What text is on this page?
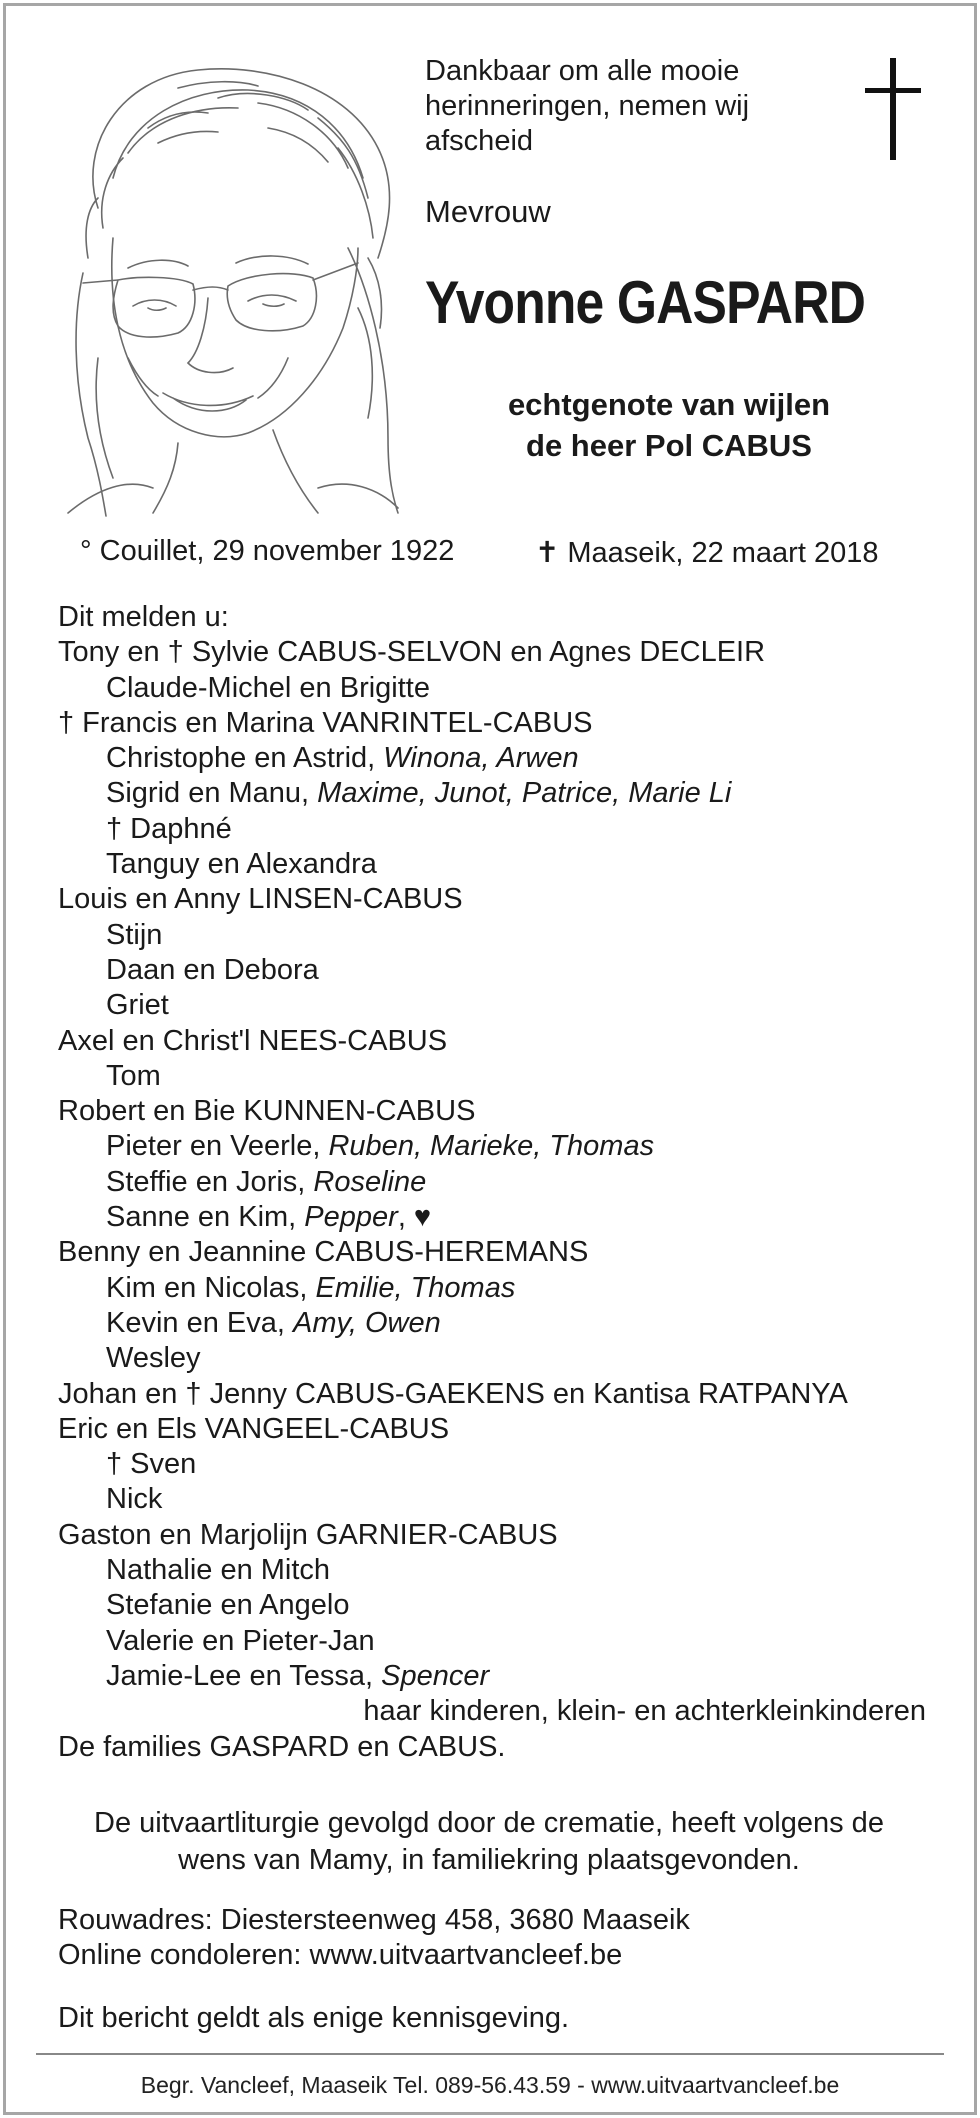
Dankbaar om alle mooie
herinneringen, nemen wij
afscheid
Mevrouw
Yvonne GASPARD
echtgenote van wijlen
de heer Pol CABUS
° Couillet, 29 november 1922	✝ Maaseik, 22 maart 2018
Dit melden u:
Tony en † Sylvie CABUS-SELVON en Agnes DECLEIR
Claude-Michel en Brigitte
† Francis en Marina VANRINTEL-CABUS
Christophe en Astrid, Winona, Arwen
Sigrid en Manu, Maxime, Junot, Patrice, Marie Li
† Daphné
Tanguy en Alexandra
Louis en Anny LINSEN-CABUS
Stijn
Daan en Debora
Griet
Axel en Christ'l NEES-CABUS
Tom
Robert en Bie KUNNEN-CABUS
Pieter en Veerle, Ruben, Marieke, Thomas
Steffie en Joris, Roseline
Sanne en Kim, Pepper, ♥
Benny en Jeannine CABUS-HEREMANS
Kim en Nicolas, Emilie, Thomas
Kevin en Eva, Amy, Owen
Wesley
Johan en † Jenny CABUS-GAEKENS en Kantisa RATPANYA
Eric en Els VANGEEL-CABUS
† Sven
Nick
Gaston en Marjolijn GARNIER-CABUS
Nathalie en Mitch
Stefanie en Angelo
Valerie en Pieter-Jan
Jamie-Lee en Tessa, Spencer
haar kinderen, klein- en achterkleinkinderen
De families GASPARD en CABUS.
De uitvaartliturgie gevolgd door de crematie, heeft volgens de
wens van Mamy, in familiekring plaatsgevonden.
Rouwadres: Diestersteenweg 458, 3680 Maaseik
Online condoleren: www.uitvaartvancleef.be
Dit bericht geldt als enige kennisgeving.
Begr. Vancleef, Maaseik Tel. 089-56.43.59 - www.uitvaartvancleef.be
